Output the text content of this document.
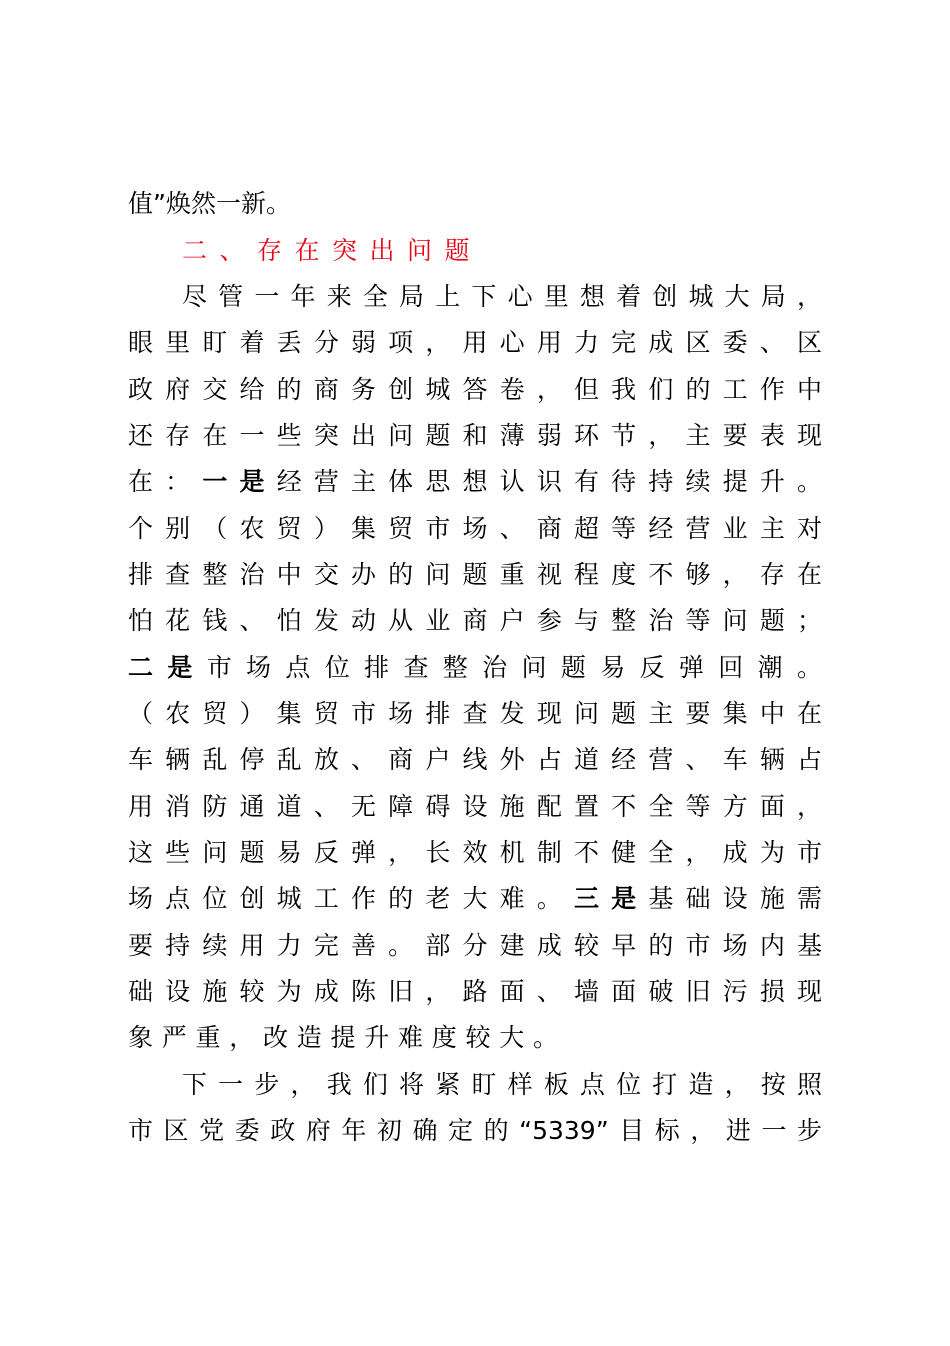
值”焕然一新。

二、存在突出问题

尽管一年来全局上下心里想着创城大局，

眼里盯着丢分弱项，用心用力完成区委、区

政府交给的商务创城答卷，但我们的工作中

还存在一些突出问题和薄弱环节，主要表现

在：一是经营主体思想认识有待持续提升。

个别（农贸）集贸市场、商超等经营业主对

排查整治中交办的问题重视程度不够，存在

怕花钱、怕发动从业商户参与整治等问题；

二是市场点位排查整治问题易反弹回潮。

（农贸）集贸市场排查发现问题主要集中在

车辆乱停乱放、商户线外占道经营、车辆占

用消防通道、无障碍设施配置不全等方面，

这些问题易反弹，长效机制不健全，成为市

场点位创城工作的老大难。三是基础设施需

要持续用力完善。部分建成较早的市场内基

础设施较为成陈旧，路面、墙面破旧污损现

象严重，改造提升难度较大。

下一步，我们将紧盯样板点位打造，按照

市区党委政府年初确定的“5339”目标，进一步
